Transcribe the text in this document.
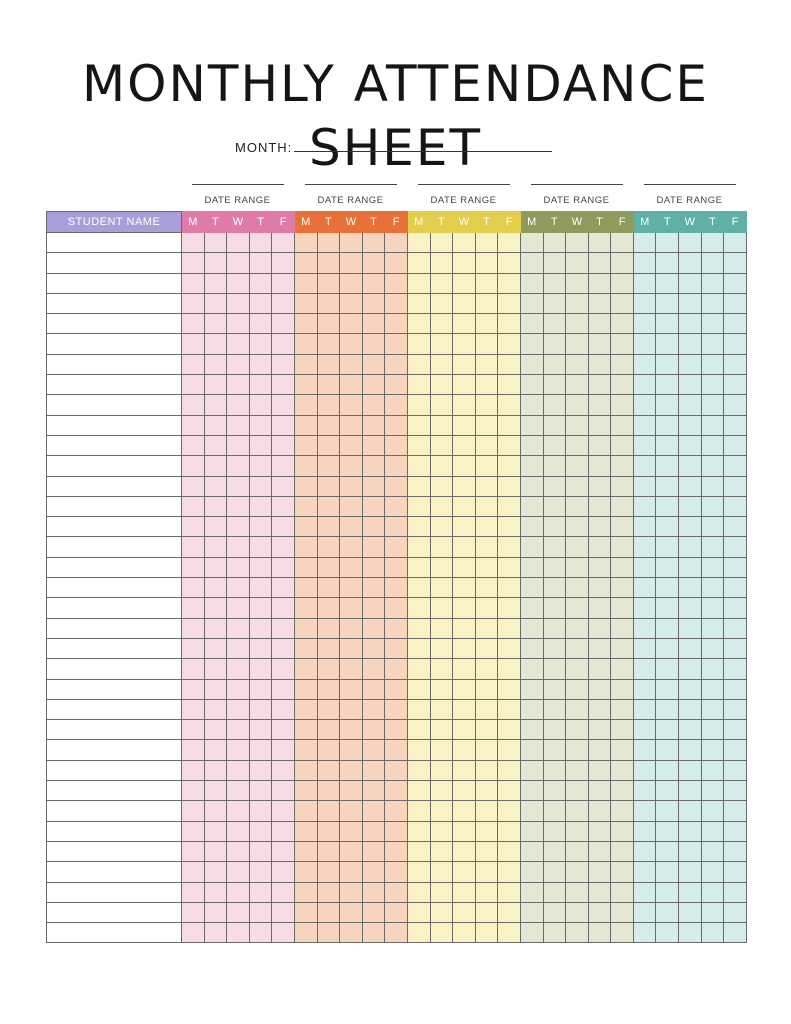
MONTHLY ATTENDANCE SHEET
MONTH:
DATE RANGE	DATE RANGE	DATE RANGE	DATE RANGE	DATE RANGE
STUDENT NAME	M	T	W	T	F	M	T	W	T	F	M	T	W	T	F	M	T	W	T	F	M	T	W	T	F
